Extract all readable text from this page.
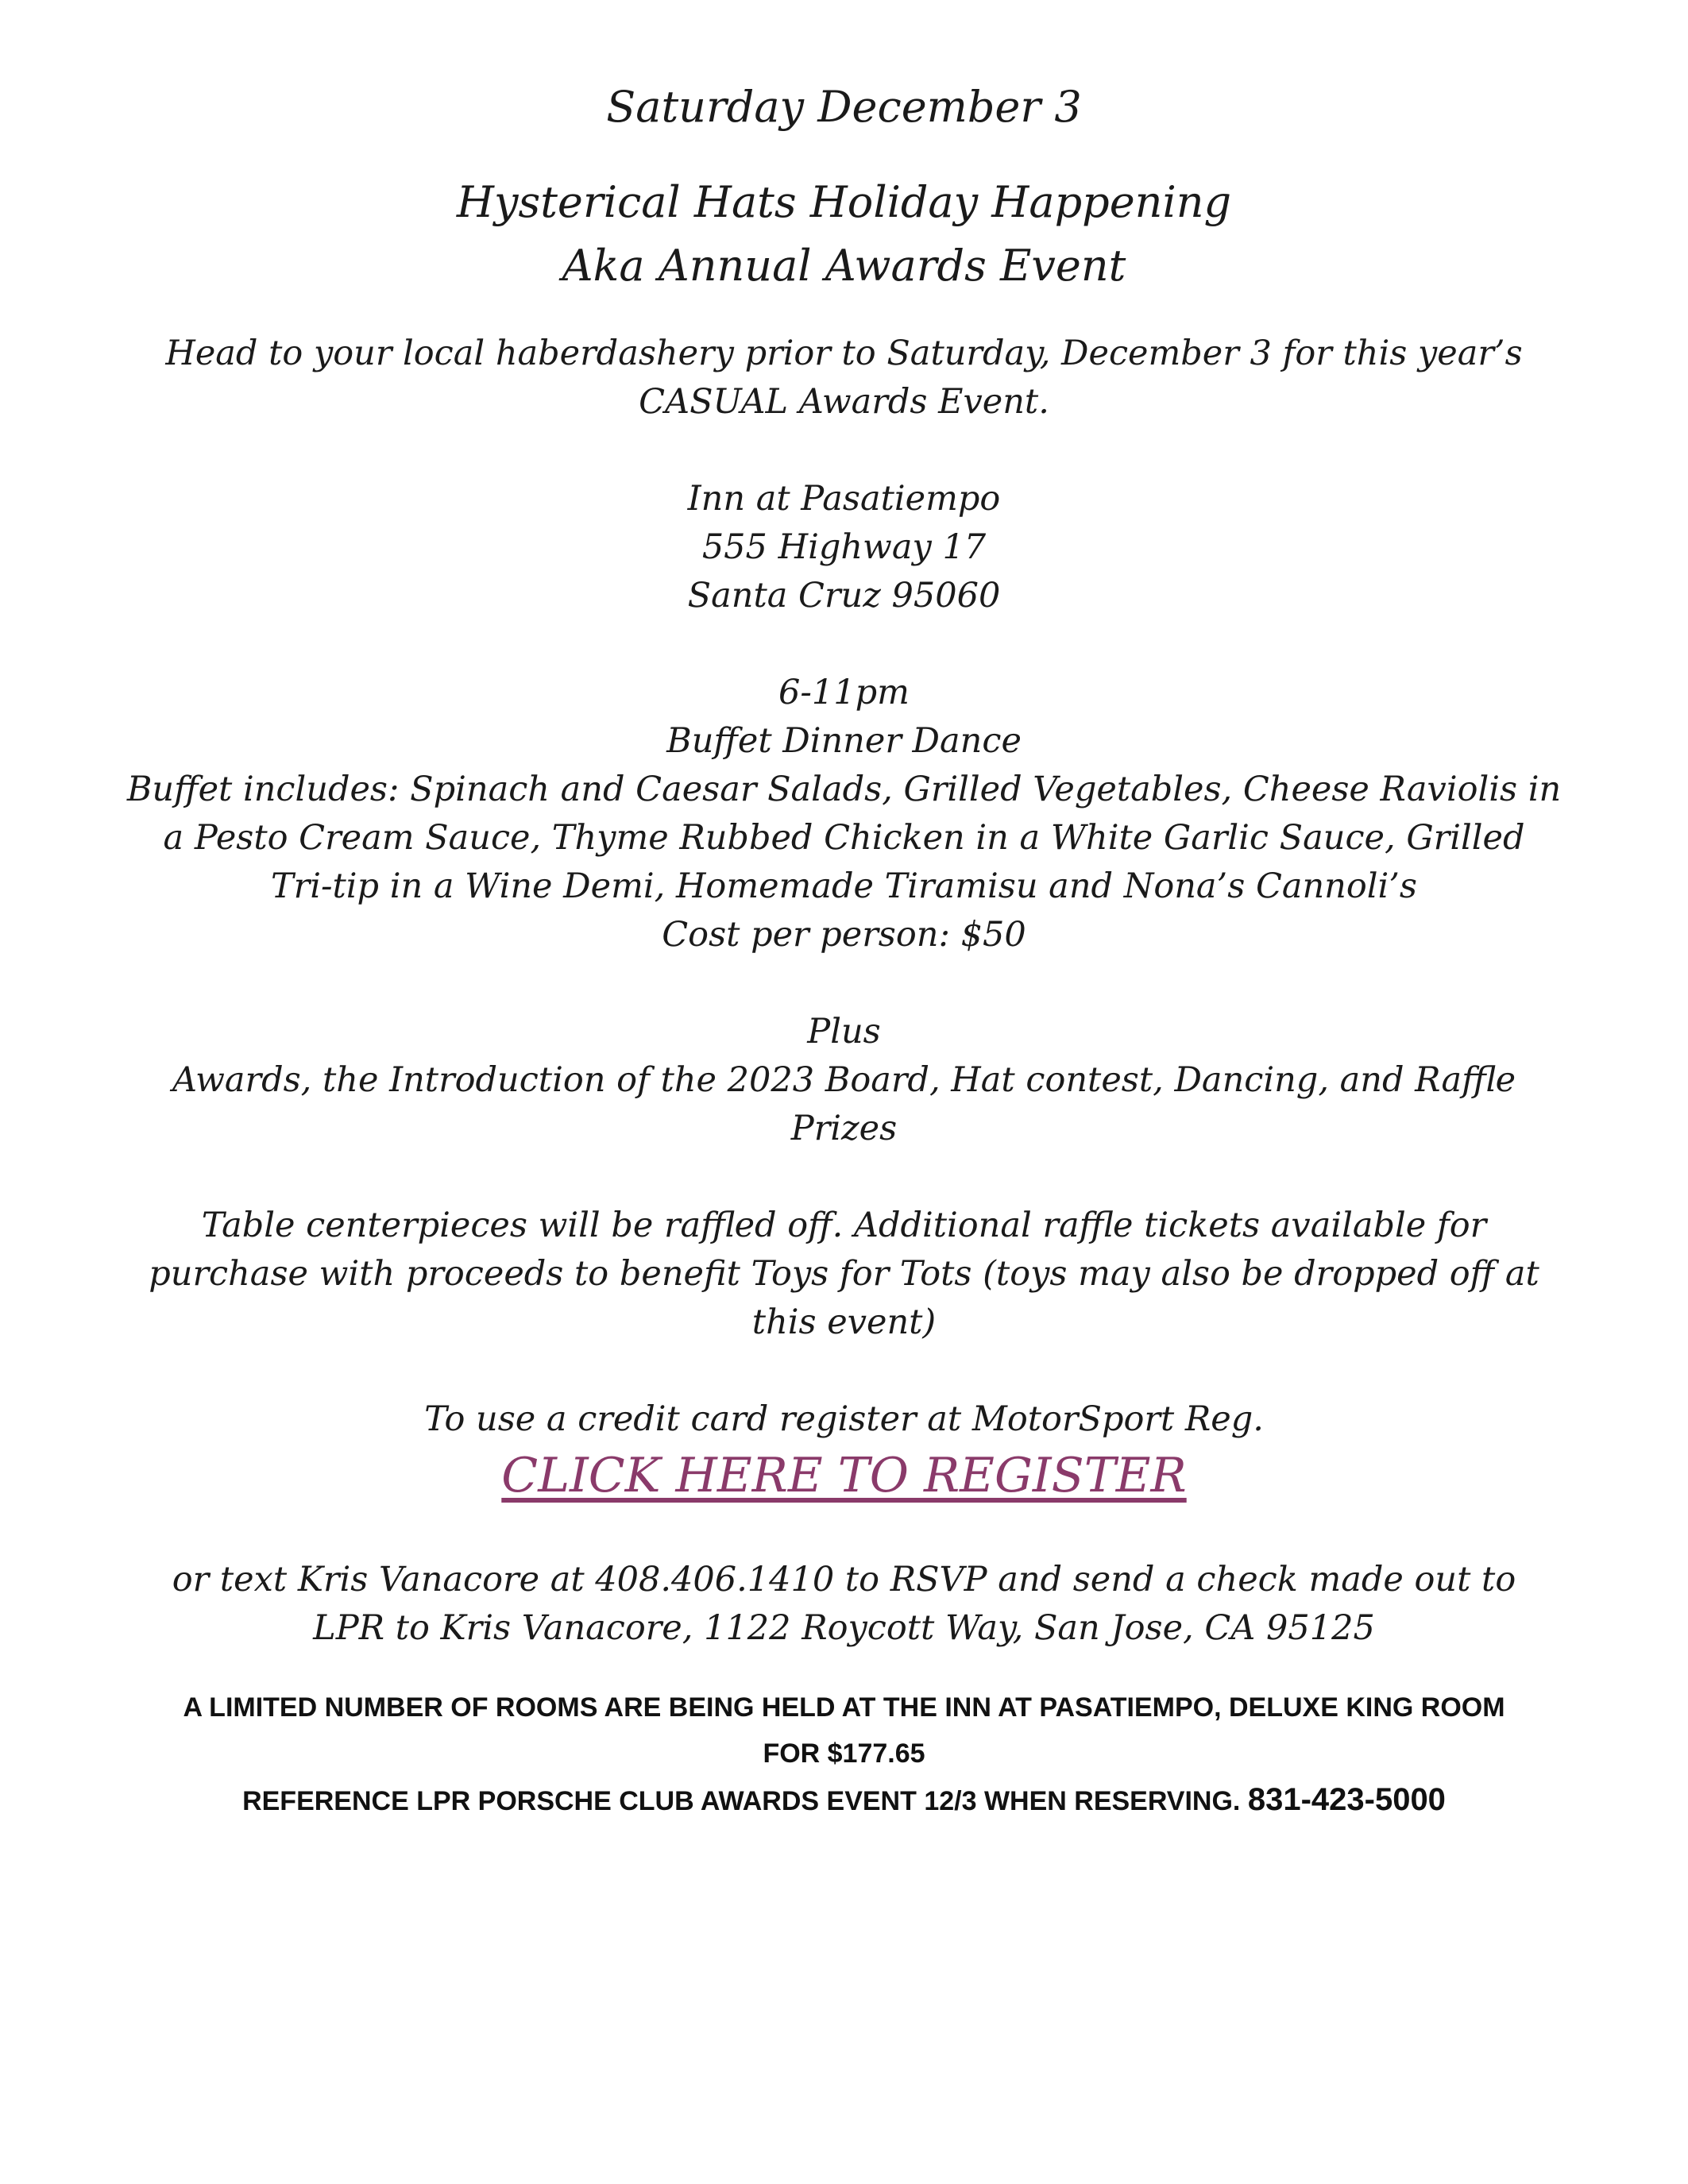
Saturday December 3

Hysterical Hats Holiday Happening

Aka Annual Awards Event

Head to your local haberdashery prior to Saturday, December 3 for this year’s

CASUAL Awards Event.

Inn at Pasatiempo

555 Highway 17

Santa Cruz 95060

6-11pm

Buffet Dinner Dance

Buffet includes: Spinach and Caesar Salads, Grilled Vegetables, Cheese Raviolis in

a Pesto Cream Sauce, Thyme Rubbed Chicken in a White Garlic Sauce, Grilled

Tri-tip in a Wine Demi, Homemade Tiramisu and Nona’s Cannoli’s

Cost per person: $50

Plus

Awards, the Introduction of the 2023 Board, Hat contest, Dancing, and Raffle

Prizes

Table centerpieces will be raffled off. Additional raffle tickets available for

purchase with proceeds to benefit Toys for Tots (toys may also be dropped off at

this event)

To use a credit card register at MotorSport Reg.

CLICK HERE TO REGISTER

or text Kris Vanacore at 408.406.1410 to RSVP and send a check made out to

LPR to Kris Vanacore, 1122 Roycott Way, San Jose, CA 95125

A LIMITED NUMBER OF ROOMS ARE BEING HELD AT THE INN AT PASATIEMPO, DELUXE KING ROOM

FOR $177.65

REFERENCE LPR PORSCHE CLUB AWARDS EVENT 12/3 WHEN RESERVING. 831-423-5000
